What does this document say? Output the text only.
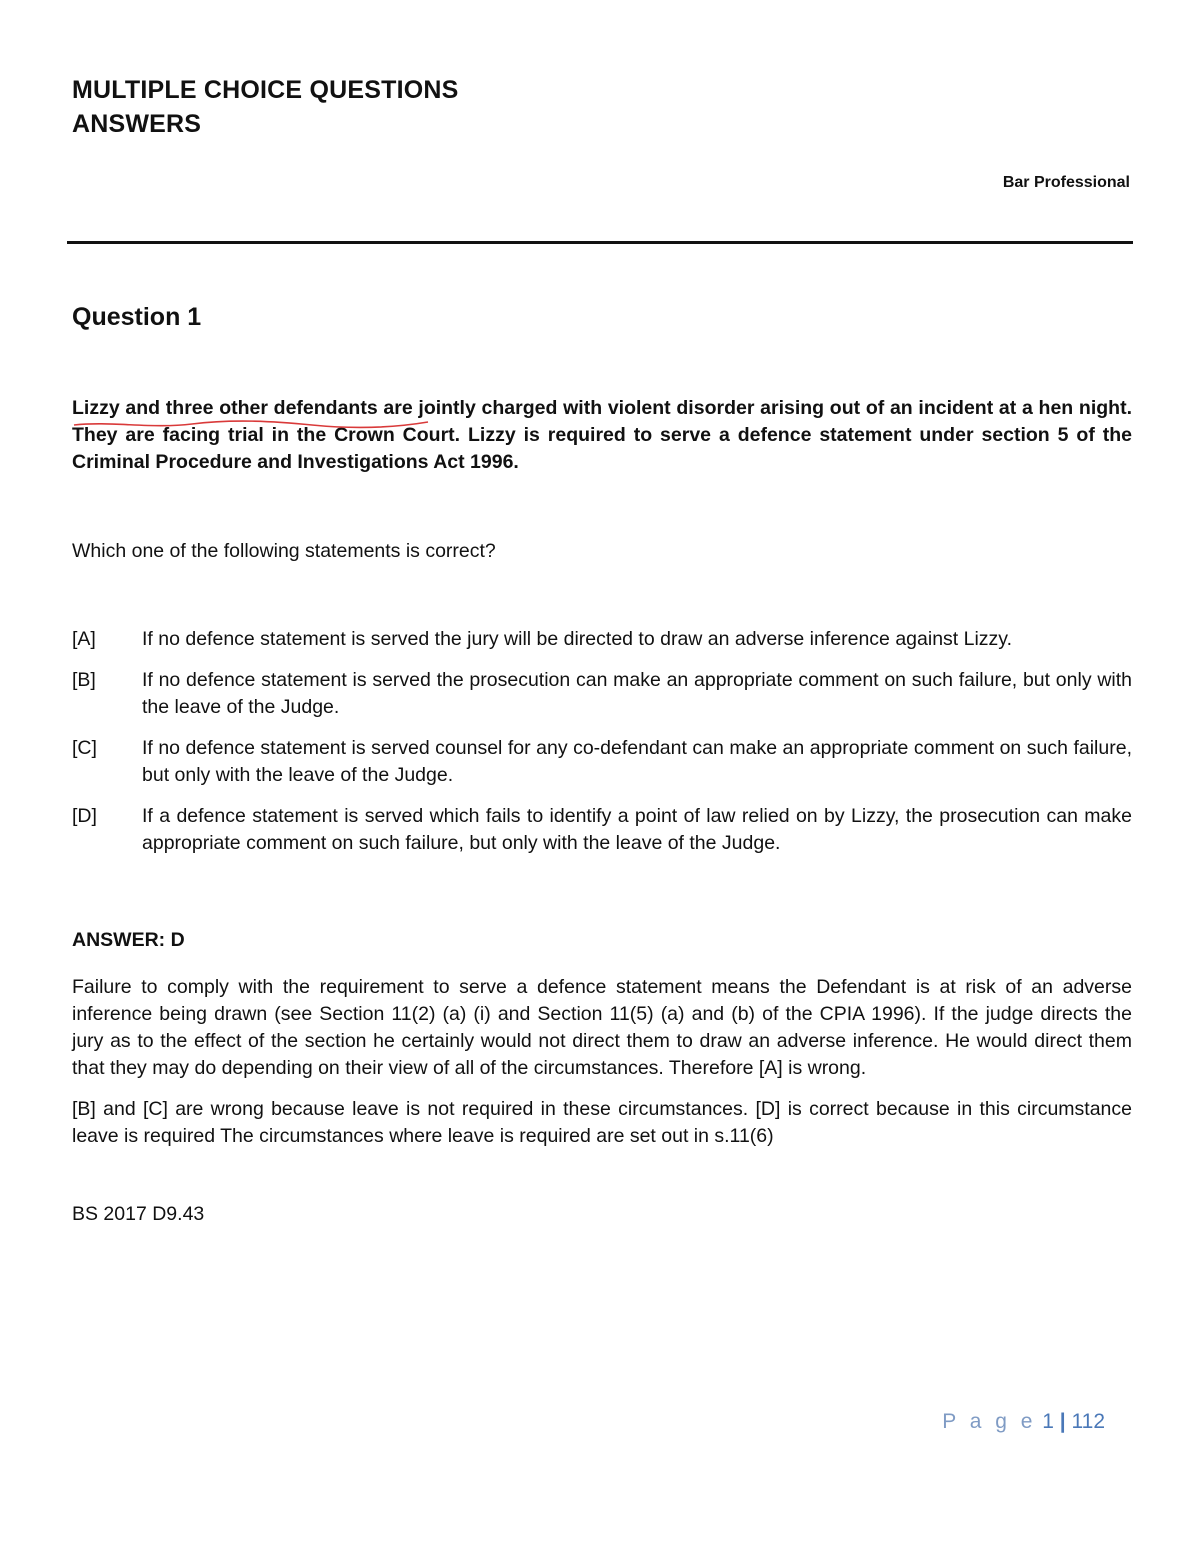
MULTIPLE CHOICE QUESTIONS
ANSWERS
Bar Professional
Question 1
Lizzy and three other defendants are jointly charged with violent disorder arising out of an incident at a hen night. They are facing trial in the Crown Court. Lizzy is required to serve a defence statement under section 5 of the Criminal Procedure and Investigations Act 1996.
Which one of the following statements is correct?
[A]	If no defence statement is served the jury will be directed to draw an adverse inference against Lizzy.
[B]	If no defence statement is served the prosecution can make an appropriate comment on such failure, but only with the leave of the Judge.
[C]	If no defence statement is served counsel for any co-defendant can make an appropriate comment on such failure, but only with the leave of the Judge.
[D]	If a defence statement is served which fails to identify a point of law relied on by Lizzy, the prosecution can make appropriate comment on such failure, but only with the leave of the Judge.
ANSWER: D

Failure to comply with the requirement to serve a defence statement means the Defendant is at risk of an adverse inference being drawn (see Section 11(2) (a) (i) and Section 11(5) (a) and (b) of the CPIA 1996). If the judge directs the jury as to the effect of the section he certainly would not direct them to draw an adverse inference. He would direct them that they may do depending on their view of all of the circumstances. Therefore [A] is wrong.

[B] and [C] are wrong because leave is not required in these circumstances. [D] is correct because in this circumstance leave is required The circumstances where leave is required are set out in s.11(6)

BS 2017 D9.43
P a g e 1 | 112
